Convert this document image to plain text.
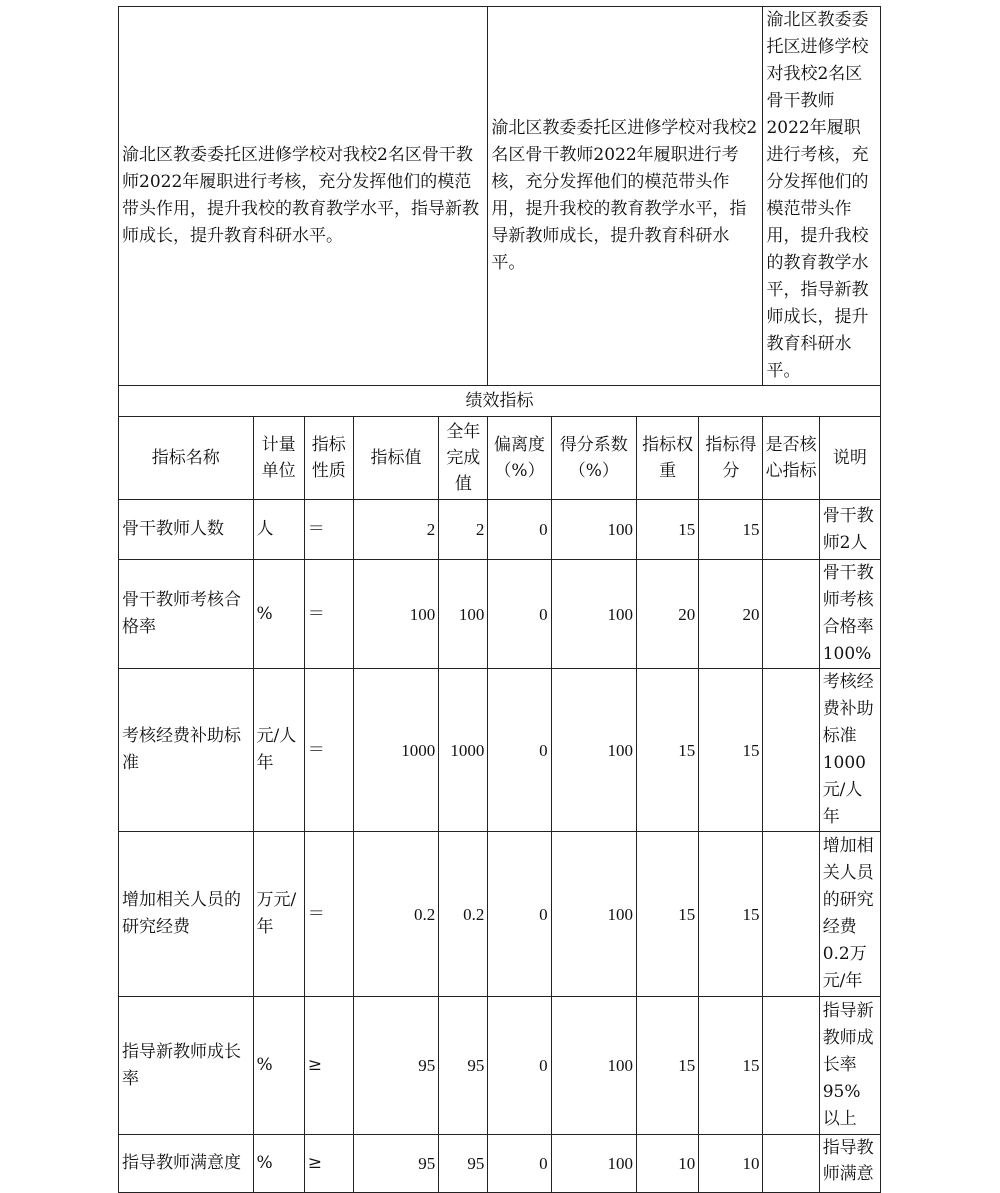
渝北区教委委托区进修学校对我校2名区骨干教师2022年履职进行考核，充分发挥他们的模范带头作用，提升我校的教育教学水平，指导新教师成长，提升教育科研水平。					渝北区教委委托区进修学校对我校2名区骨干教师2022年履职进行考核，充分发挥他们的模范带头作用，提升我校的教育教学水平，指导新教师成长，提升教育科研水平。				渝北区教委委托区进修学校对我校2名区骨干教师2022年履职进行考核，充分发挥他们的模范带头作用，提升我校的教育教学水平，指导新教师成长，提升教育科研水平。	
绩效指标										
指标名称	计量单位	指标性质	指标值	全年完成值	偏离度（%）	得分系数（%）	指标权重	指标得分	是否核心指标	说明
骨干教师人数	人	＝	2	2	0	100	15	15		骨干教师2人
骨干教师考核合格率	%	＝	100	100	0	100	20	20		骨干教师考核合格率100%
考核经费补助标准	元/人年	＝	1000	1000	0	100	15	15		考核经费补助标准1000元/人年
增加相关人员的研究经费	万元/年	＝	0.2	0.2	0	100	15	15		增加相关人员的研究经费0.2万元/年
指导新教师成长率	%	≥	95	95	0	100	15	15		指导新教师成长率95%以上
指导教师满意度	%	≥	95	95	0	100	10	10		指导教师满意
